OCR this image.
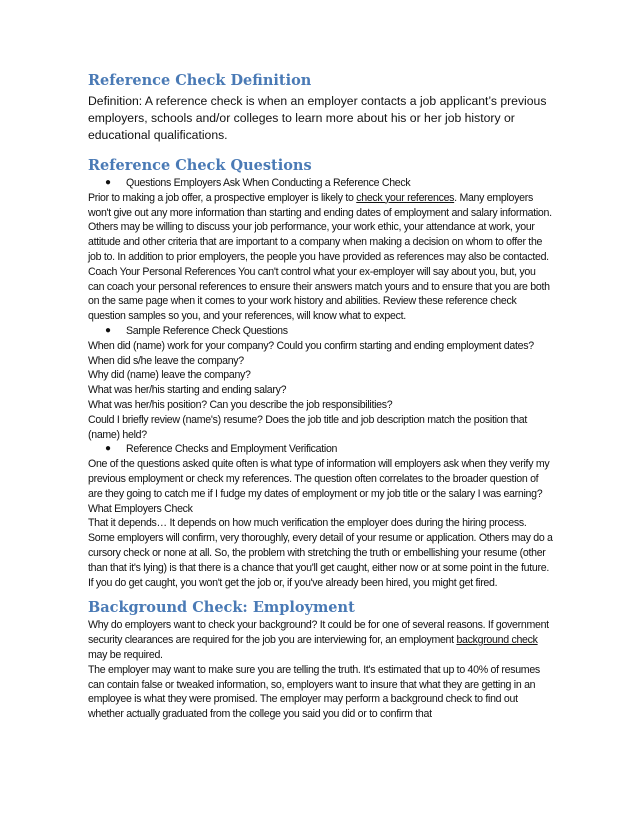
Reference Check Definition

Definition: A reference check is when an employer contacts a job applicant’s previous employers, schools and/or colleges to learn more about his or her job history or educational qualifications.

Reference Check Questions

● Questions Employers Ask When Conducting a Reference Check

Prior to making a job offer, a prospective employer is likely to check your references. Many employers won't give out any more information than starting and ending dates of employment and salary information. Others may be willing to discuss your job performance, your work ethic, your attendance at work, your attitude and other criteria that are important to a company when making a decision on whom to offer the job to. In addition to prior employers, the people you have provided as references may also be contacted. Coach Your Personal References You can't control what your ex-employer will say about you, but, you can coach your personal references to ensure their answers match yours and to ensure that you are both on the same page when it comes to your work history and abilities. Review these reference check question samples so you, and your references, will know what to expect.

● Sample Reference Check Questions

When did (name) work for your company? Could you confirm starting and ending employment dates? When did s/he leave the company?

Why did (name) leave the company?

What was her/his starting and ending salary?

What was her/his position? Can you describe the job responsibilities?

Could I briefly review (name's) resume? Does the job title and job description match the position that (name) held?

● Reference Checks and Employment Verification

One of the questions asked quite often is what type of information will employers ask when they verify my previous employment or check my references. The question often correlates to the broader question of are they going to catch me if I fudge my dates of employment or my job title or the salary I was earning?

What Employers Check

That it depends… It depends on how much verification the employer does during the hiring process. Some employers will confirm, very thoroughly, every detail of your resume or application. Others may do a cursory check or none at all. So, the problem with stretching the truth or embellishing your resume (other than that it's lying) is that there is a chance that you'll get caught, either now or at some point in the future. If you do get caught, you won't get the job or, if you've already been hired, you might get fired.

Background Check: Employment

Why do employers want to check your background? It could be for one of several reasons. If government security clearances are required for the job you are interviewing for, an employment background check may be required.

The employer may want to make sure you are telling the truth. It's estimated that up to 40% of resumes can contain false or tweaked information, so, employers want to insure that what they are getting in an employee is what they were promised. The employer may perform a background check to find out whether actually graduated from the college you said you did or to confirm that
